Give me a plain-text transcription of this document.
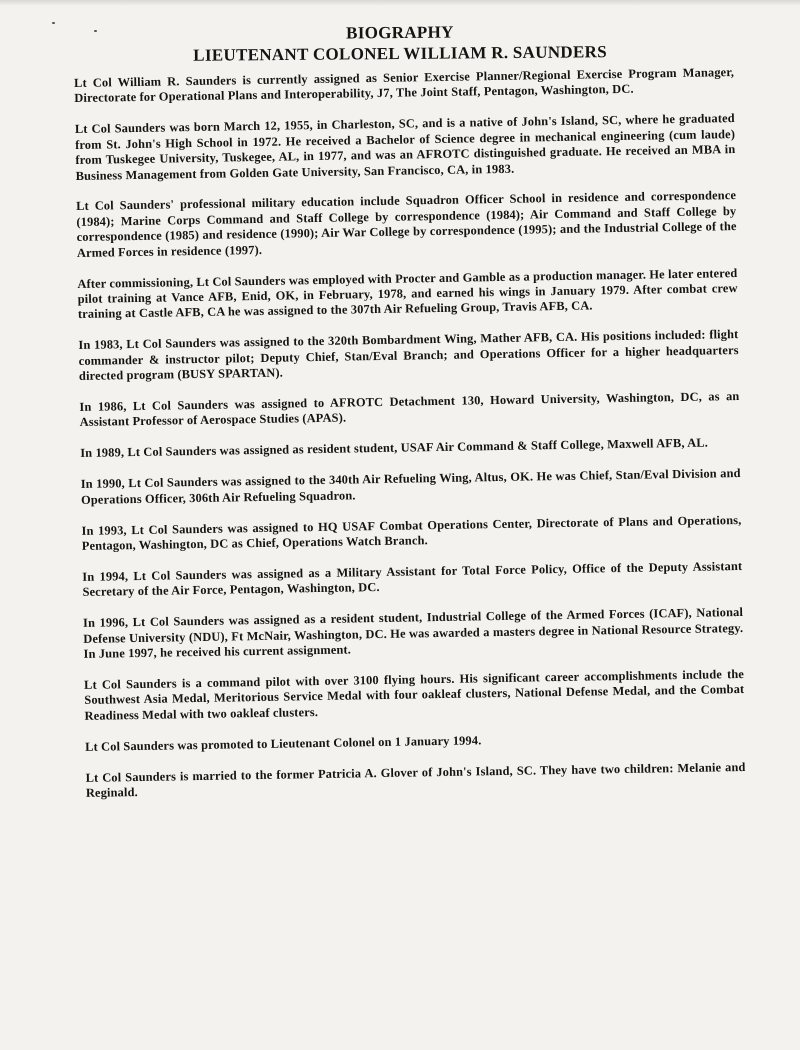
BIOGRAPHY
LIEUTENANT COLONEL WILLIAM R. SAUNDERS

Lt Col William R. Saunders is currently assigned as Senior Exercise Planner/Regional Exercise Program Manager, Directorate for Operational Plans and Interoperability, J7, The Joint Staff, Pentagon, Washington, DC.

Lt Col Saunders was born March 12, 1955, in Charleston, SC, and is a native of John's Island, SC, where he graduated from St. John's High School in 1972. He received a Bachelor of Science degree in mechanical engineering (cum laude) from Tuskegee University, Tuskegee, AL, in 1977, and was an AFROTC distinguished graduate. He received an MBA in Business Management from Golden Gate University, San Francisco, CA, in 1983.

Lt Col Saunders' professional military education include Squadron Officer School in residence and correspondence (1984); Marine Corps Command and Staff College by correspondence (1984); Air Command and Staff College by correspondence (1985) and residence (1990); Air War College by correspondence (1995); and the Industrial College of the Armed Forces in residence (1997).

After commissioning, Lt Col Saunders was employed with Procter and Gamble as a production manager. He later entered pilot training at Vance AFB, Enid, OK, in February, 1978, and earned his wings in January 1979. After combat crew training at Castle AFB, CA he was assigned to the 307th Air Refueling Group, Travis AFB, CA.

In 1983, Lt Col Saunders was assigned to the 320th Bombardment Wing, Mather AFB, CA. His positions included: flight commander & instructor pilot; Deputy Chief, Stan/Eval Branch; and Operations Officer for a higher headquarters directed program (BUSY SPARTAN).

In 1986, Lt Col Saunders was assigned to AFROTC Detachment 130, Howard University, Washington, DC, as an Assistant Professor of Aerospace Studies (APAS).

In 1989, Lt Col Saunders was assigned as resident student, USAF Air Command & Staff College, Maxwell AFB, AL.

In 1990, Lt Col Saunders was assigned to the 340th Air Refueling Wing, Altus, OK. He was Chief, Stan/Eval Division and Operations Officer, 306th Air Refueling Squadron.

In 1993, Lt Col Saunders was assigned to HQ USAF Combat Operations Center, Directorate of Plans and Operations, Pentagon, Washington, DC as Chief, Operations Watch Branch.

In 1994, Lt Col Saunders was assigned as a Military Assistant for Total Force Policy, Office of the Deputy Assistant Secretary of the Air Force, Pentagon, Washington, DC.

In 1996, Lt Col Saunders was assigned as a resident student, Industrial College of the Armed Forces (ICAF), National Defense University (NDU), Ft McNair, Washington, DC. He was awarded a masters degree in National Resource Strategy. In June 1997, he received his current assignment.

Lt Col Saunders is a command pilot with over 3100 flying hours. His significant career accomplishments include the Southwest Asia Medal, Meritorious Service Medal with four oakleaf clusters, National Defense Medal, and the Combat Readiness Medal with two oakleaf clusters.

Lt Col Saunders was promoted to Lieutenant Colonel on 1 January 1994.

Lt Col Saunders is married to the former Patricia A. Glover of John's Island, SC. They have two children: Melanie and Reginald.
